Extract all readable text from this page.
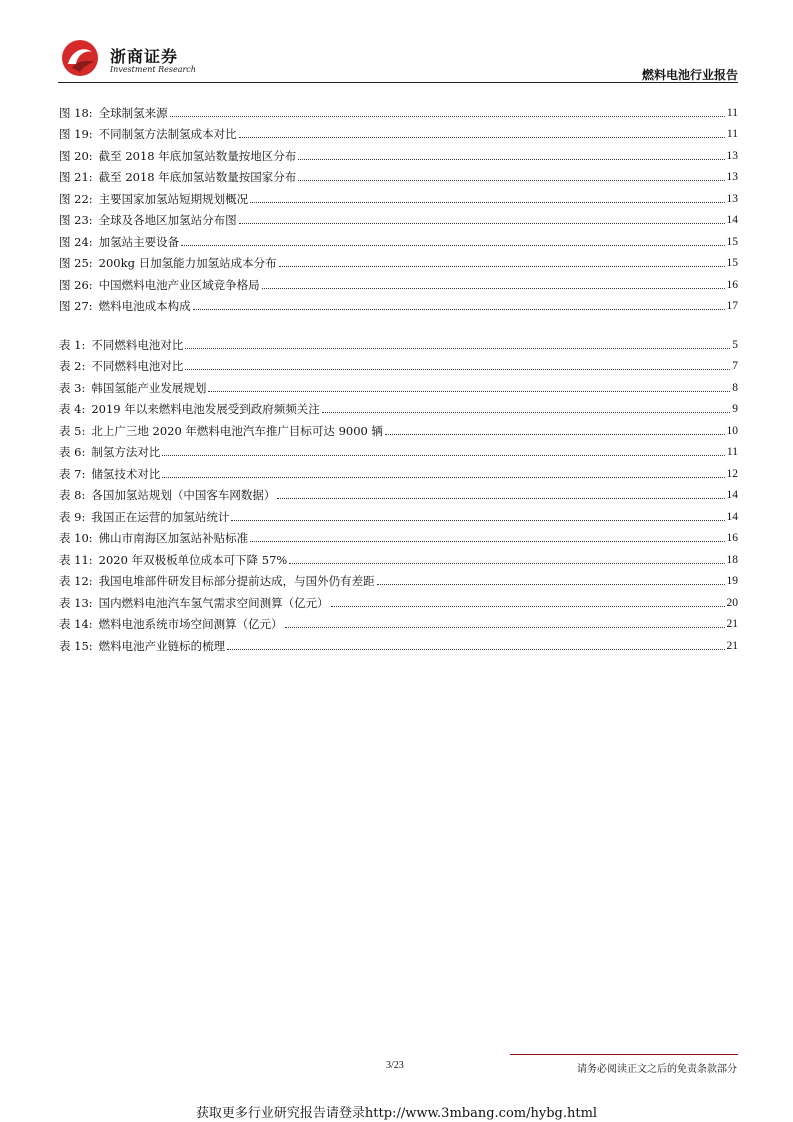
浙商证券
Investment Research	燃料电池行业报告
图 18: 全球制氢来源	11
图 19: 不同制氢方法制氢成本对比	11
图 20: 截至 2018 年底加氢站数量按地区分布	13
图 21: 截至 2018 年底加氢站数量按国家分布	13
图 22: 主要国家加氢站短期规划概况	13
图 23: 全球及各地区加氢站分布图	14
图 24: 加氢站主要设备	15
图 25: 200kg 日加氢能力加氢站成本分布	15
图 26: 中国燃料电池产业区域竞争格局	16
图 27: 燃料电池成本构成	17
表 1: 不同燃料电池对比	5
表 2: 不同燃料电池对比	7
表 3: 韩国氢能产业发展规划	8
表 4: 2019 年以来燃料电池发展受到政府频频关注	9
表 5: 北上广三地 2020 年燃料电池汽车推广目标可达 9000 辆	10
表 6: 制氢方法对比	11
表 7: 储氢技术对比	12
表 8: 各国加氢站规划（中国客车网数据）	14
表 9: 我国正在运营的加氢站统计	14
表 10: 佛山市南海区加氢站补贴标准	16
表 11: 2020 年双极板单位成本可下降 57%	18
表 12: 我国电堆部件研发目标部分提前达成，与国外仍有差距	19
表 13: 国内燃料电池汽车氢气需求空间测算（亿元）	20
表 14: 燃料电池系统市场空间测算（亿元）	21
表 15: 燃料电池产业链标的梳理	21
3/23	请务必阅读正文之后的免责条款部分
获取更多行业研究报告请登录http://www.3mbang.com/hybg.html
